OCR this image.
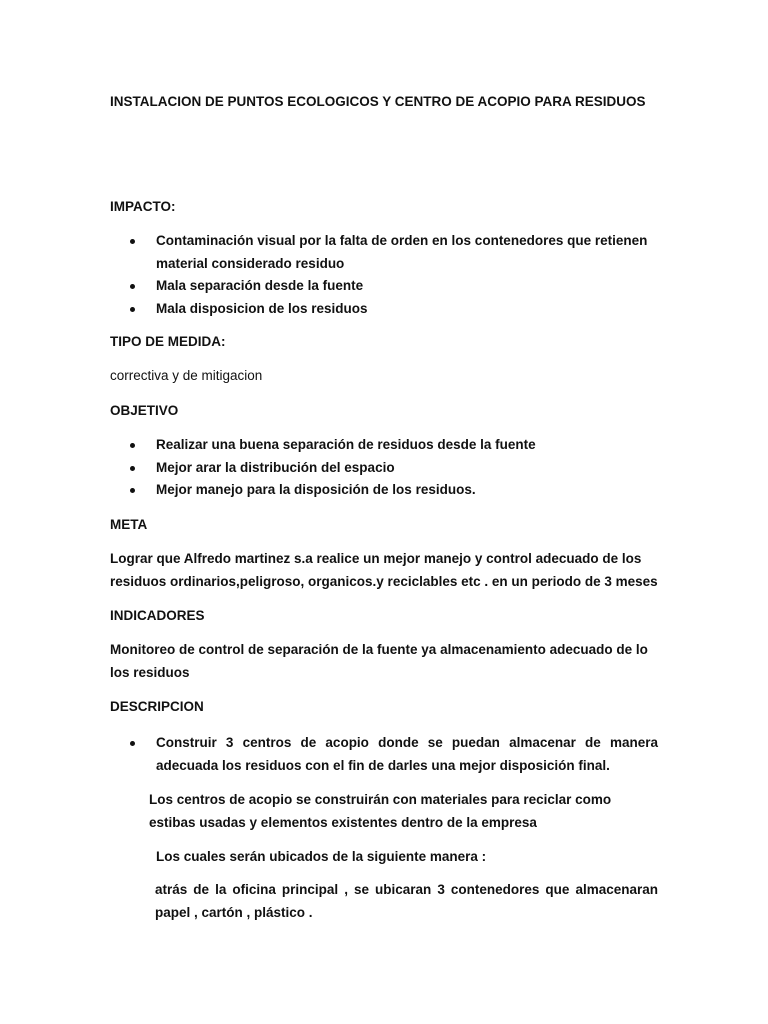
INSTALACION DE PUNTOS ECOLOGICOS Y CENTRO DE ACOPIO PARA RESIDUOS

IMPACTO:

Contaminación visual por la falta de orden en los contenedores que retienen material considerado residuo
Mala separación desde la fuente
Mala disposicion de los residuos

TIPO DE MEDIDA:

correctiva y de mitigacion

OBJETIVO

Realizar una buena separación de residuos desde la fuente
Mejor arar la distribución del espacio
Mejor manejo para la disposición de los residuos.

META

Lograr que Alfredo martinez s.a realice un mejor manejo y control adecuado de los residuos ordinarios,peligroso, organicos.y reciclables etc . en un periodo de 3 meses

INDICADORES

Monitoreo de control de separación de la fuente ya almacenamiento adecuado de lo los residuos

DESCRIPCION

Construir 3 centros de acopio donde se puedan almacenar de manera adecuada los residuos con el fin de darles una mejor disposición final.

Los centros de acopio se construirán con materiales para reciclar como estibas usadas y elementos existentes dentro de la empresa

Los cuales serán ubicados de la siguiente manera :

atrás de la oficina principal , se ubicaran 3 contenedores que almacenaran papel , cartón , plástico .
